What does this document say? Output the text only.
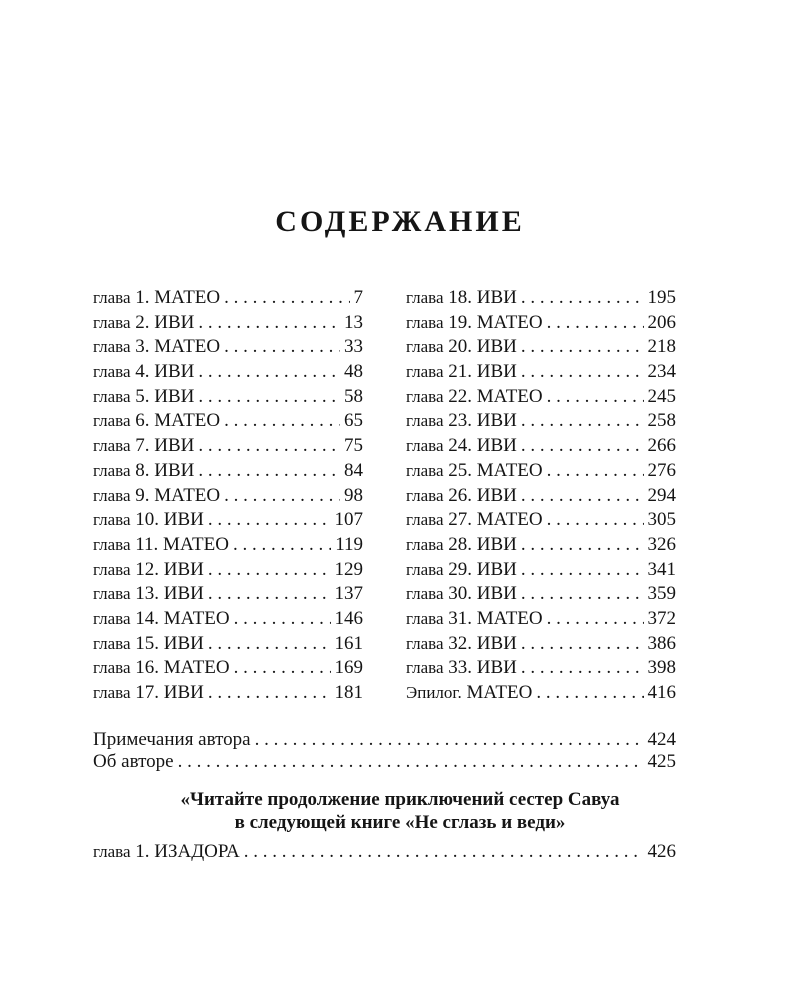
СОДЕРЖАНИЕ
глава 1. МАТЕО . . .	7
глава 2. ИВИ . . .	13
глава 3. МАТЕО . . .	33
глава 4. ИВИ . . .	48
глава 5. ИВИ . . .	58
глава 6. МАТЕО . . .	65
глава 7. ИВИ . . .	75
глава 8. ИВИ . . .	84
глава 9. МАТЕО . . .	98
глава 10. ИВИ . . .	107
глава 11. МАТЕО . . .	119
глава 12. ИВИ . . .	129
глава 13. ИВИ . . .	137
глава 14. МАТЕО . . .	146
глава 15. ИВИ . . .	161
глава 16. МАТЕО . . .	169
глава 17. ИВИ . . .	181
глава 18. ИВИ . . .	195
глава 19. МАТЕО . . .	206
глава 20. ИВИ . . .	218
глава 21. ИВИ . . .	234
глава 22. МАТЕО . . .	245
глава 23. ИВИ . . .	258
глава 24. ИВИ . . .	266
глава 25. МАТЕО . . .	276
глава 26. ИВИ . . .	294
глава 27. МАТЕО . . .	305
глава 28. ИВИ . . .	326
глава 29. ИВИ . . .	341
глава 30. ИВИ . . .	359
глава 31. МАТЕО . . .	372
глава 32. ИВИ . . .	386
глава 33. ИВИ . . .	398
Эпилог. МАТЕО . . .	416
Примечания автора . . .	424
Об авторе . . .	425
«Читайте продолжение приключений сестер Савуа
в следующей книге «Не сглазь и веди»
глава 1. ИЗАДОРА . . .	426
